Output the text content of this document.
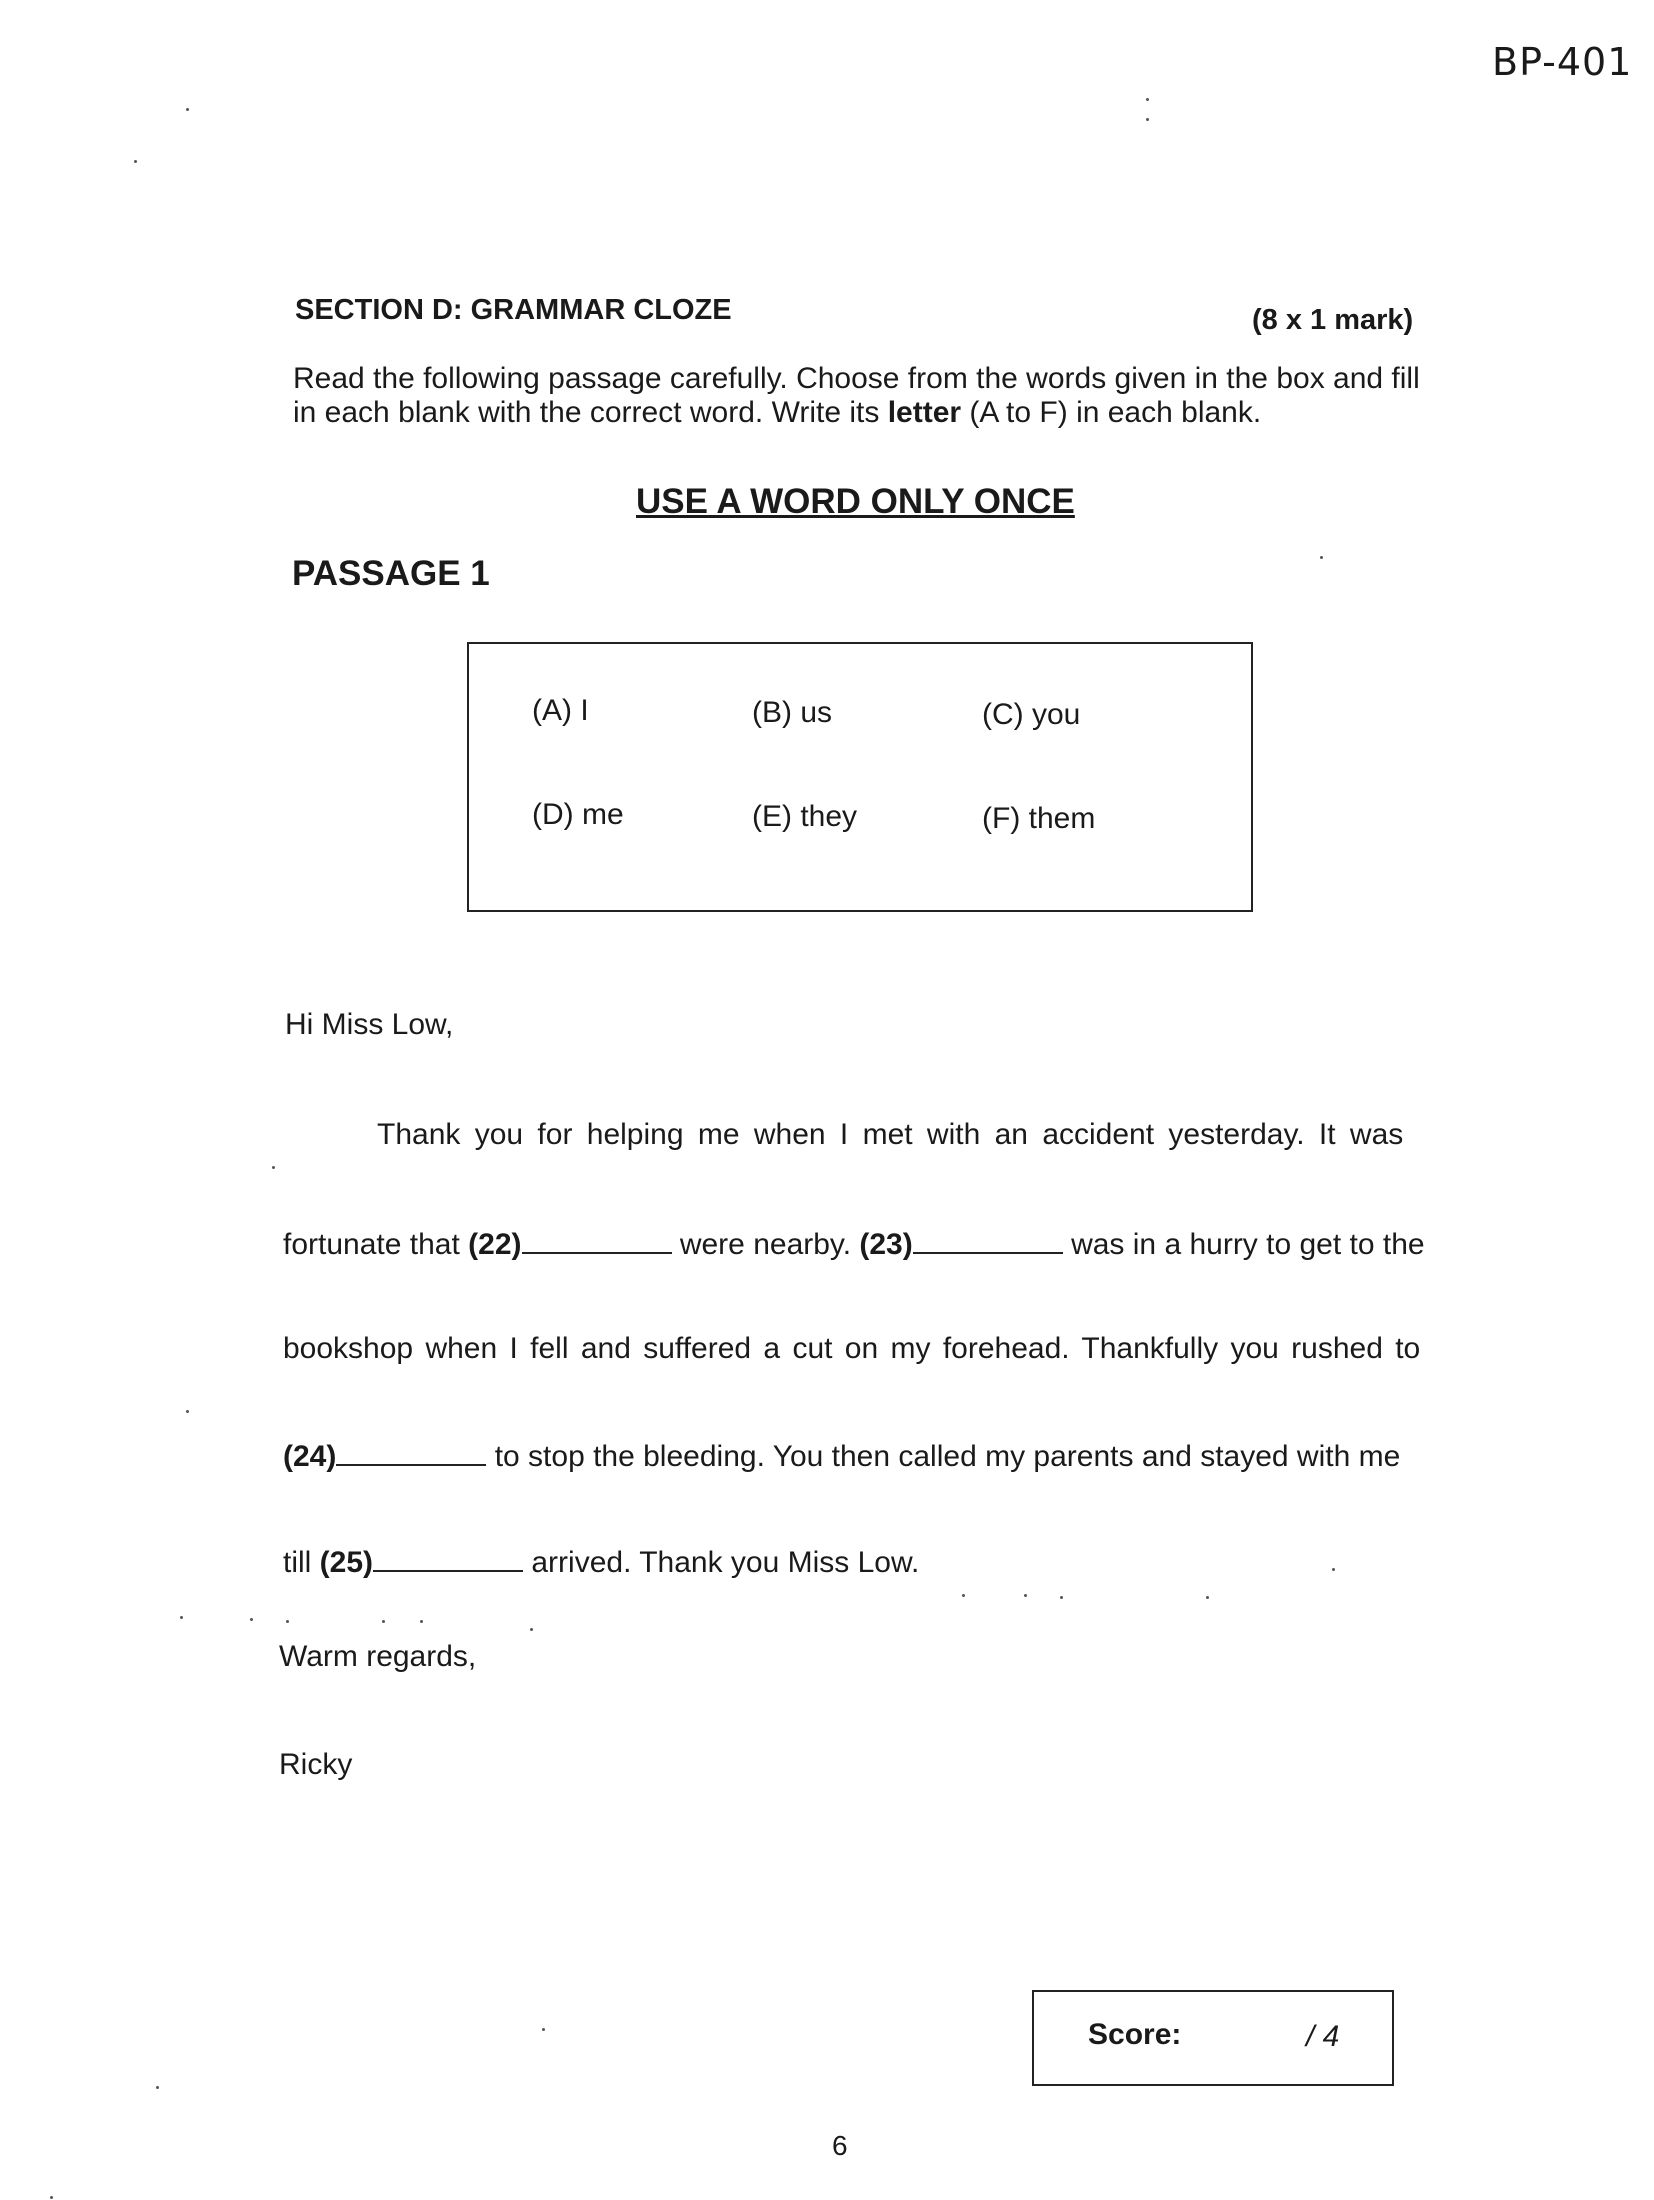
BP-401
SECTION D: GRAMMAR CLOZE	(8 x 1 mark)
Read the following passage carefully. Choose from the words given in the box and fill in each blank with the correct word. Write its letter (A to F) in each blank.
USE A WORD ONLY ONCE
PASSAGE 1
(A) I	(B) us	(C) you
(D) me	(E) they	(F) them
Hi Miss Low,
Thank you for helping me when I met with an accident yesterday. It was
fortunate that (22)	were nearby. (23)	was in a hurry to get to the
bookshop when I fell and suffered a cut on my forehead. Thankfully you rushed to
(24)	to stop the bleeding. You then called my parents and stayed with me
till (25)	arrived. Thank you Miss Low.
Warm regards,
Ricky
Score:	/ 4
6
